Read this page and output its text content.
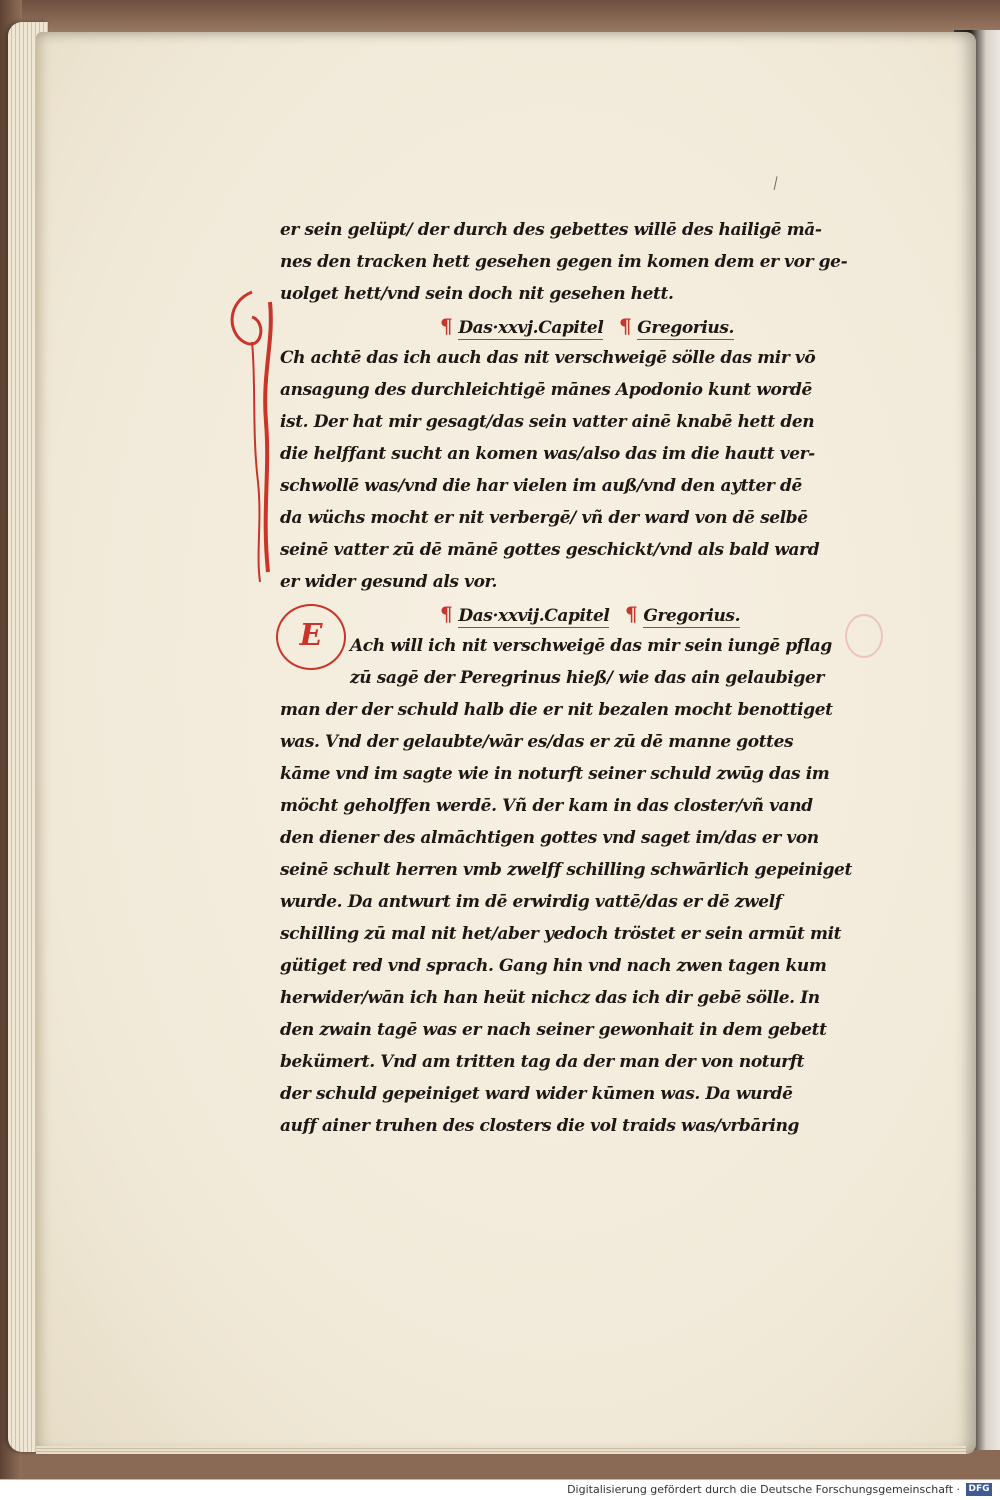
E
er sein gelüpt/ der durch des gebettes willē des hailigē mā-
nes den tracken hett gesehen gegen im komen dem er vor ge-
uolget hett/vnd sein doch nit gesehen hett.
¶ Das·xxvj.Capitel ¶ Gregorius.
Ch achtē das ich auch das nit verschweigē sölle das mir vō
ansagung des durchleichtigē mānes Apodonio kunt wordē
ist. Der hat mir gesagt/das sein vatter ainē knabē hett den
die helffant sucht an komen was/also das im die hautt ver-
schwollē was/vnd die har vielen im auß/vnd den aytter dē
da wüchs mocht er nit verbergē/ vñ der ward von dē selbē
seinē vatter zū dē mānē gottes geschickt/vnd als bald ward
er wider gesund als vor.
¶ Das·xxvij.Capitel ¶ Gregorius.
Ach will ich nit verschweigē das mir sein iungē pflag
zū sagē der Peregrinus hieß/ wie das ain gelaubiger
man der der schuld halb die er nit bezalen mocht benottiget
was. Vnd der gelaubte/wār es/das er zū dē manne gottes
kāme vnd im sagte wie in noturft seiner schuld zwūg das im
möcht geholffen werdē. Vñ der kam in das closter/vñ vand
den diener des almāchtigen gottes vnd saget im/das er von
seinē schult herren vmb zwelff schilling schwārlich gepeiniget
wurde. Da antwurt im dē erwirdig vattē/das er dē zwelf
schilling zū mal nit het/aber yedoch tröstet er sein armūt mit
gütiget red vnd sprach. Gang hin vnd nach zwen tagen kum
herwider/wān ich han heüt nichcz das ich dir gebē sölle. In
den zwain tagē was er nach seiner gewonhait in dem gebett
bekümert. Vnd am tritten tag da der man der von noturft
der schuld gepeiniget ward wider kūmen was. Da wurdē
auff ainer truhen des closters die vol traids was/vrbāring
Digitalisierung gefördert durch die Deutsche Forschungsgemeinschaft · DFG
